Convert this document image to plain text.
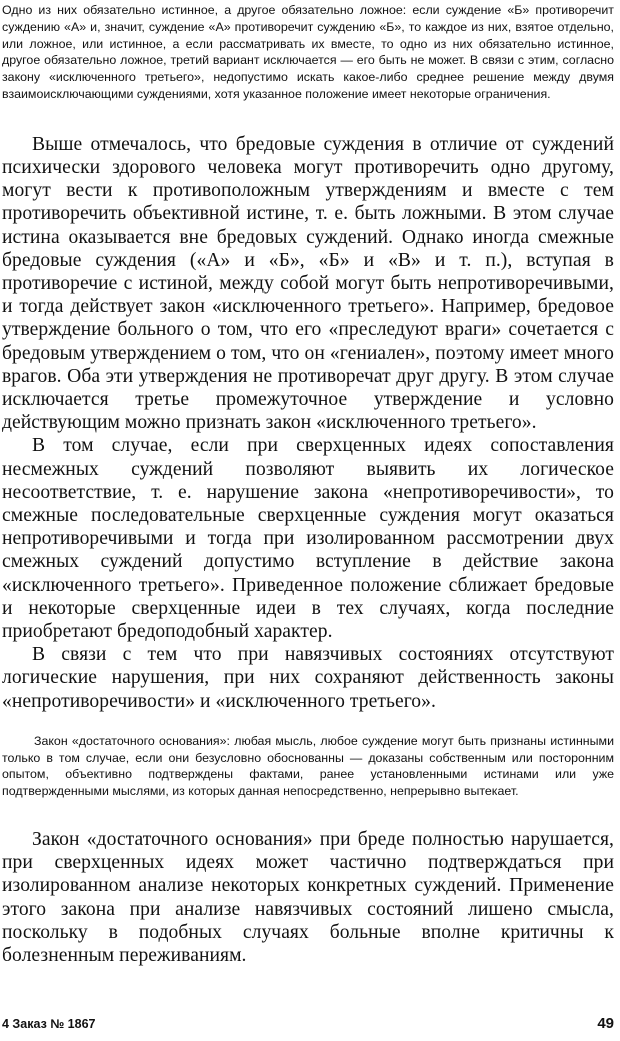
Одно из них обязательно истинное, а другое обязательно ложное: если суждение «Б» противоречит суждению «А» и, значит, суждение «А» противоречит суждению «Б», то каждое из них, взятое отдельно, или ложное, или истинное, а если рассматривать их вместе, то одно из них обязательно истинное, другое обязательно ложное, третий вариант исключается — его быть не может. В связи с этим, согласно закону «исключенного третьего», недопустимо искать какое-либо среднее решение между двумя взаимоисключающими суждениями, хотя указанное положение имеет некоторые ограничения.

Выше отмечалось, что бредовые суждения в отличие от суждений психически здорового человека могут противоречить одно другому, могут вести к противоположным утверждениям и вместе с тем противоречить объективной истине, т. е. быть ложными. В этом случае истина оказывается вне бредовых суждений. Однако иногда смежные бредовые суждения («А» и «Б», «Б» и «В» и т. п.), вступая в противоречие с истиной, между собой могут быть непротиворечивыми, и тогда действует закон «исключенного третьего». Например, бредовое утверждение больного о том, что его «преследуют враги» сочетается с бредовым утверждением о том, что он «гениален», поэтому имеет много врагов. Оба эти утверждения не противоречат друг другу. В этом случае исключается третье промежуточное утверждение и условно действующим можно признать закон «исключенного третьего».

В том случае, если при сверхценных идеях сопоставления несмежных суждений позволяют выявить их логическое несоответствие, т. е. нарушение закона «непротиворечивости», то смежные последовательные сверхценные суждения могут оказаться непротиворечивыми и тогда при изолированном рассмотрении двух смежных суждений допустимо вступление в действие закона «исключенного третьего». Приведенное положение сближает бредовые и некоторые сверхценные идеи в тех случаях, когда последние приобретают бредоподобный характер.

В связи с тем что при навязчивых состояниях отсутствуют логические нарушения, при них сохраняют действенность законы «непротиворечивости» и «исключенного третьего».

Закон «достаточного основания»: любая мысль, любое суждение могут быть признаны истинными только в том случае, если они безусловно обоснованны — доказаны собственным или посторонним опытом, объективно подтверждены фактами, ранее установленными истинами или уже подтвержденными мыслями, из которых данная непосредственно, непрерывно вытекает.

Закон «достаточного основания» при бреде полностью нарушается, при сверхценных идеях может частично подтверждаться при изолированном анализе некоторых конкретных суждений. Применение этого закона при анализе навязчивых состояний лишено смысла, поскольку в подобных случаях больные вполне критичны к болезненным переживаниям.

4 Заказ № 1867	49
